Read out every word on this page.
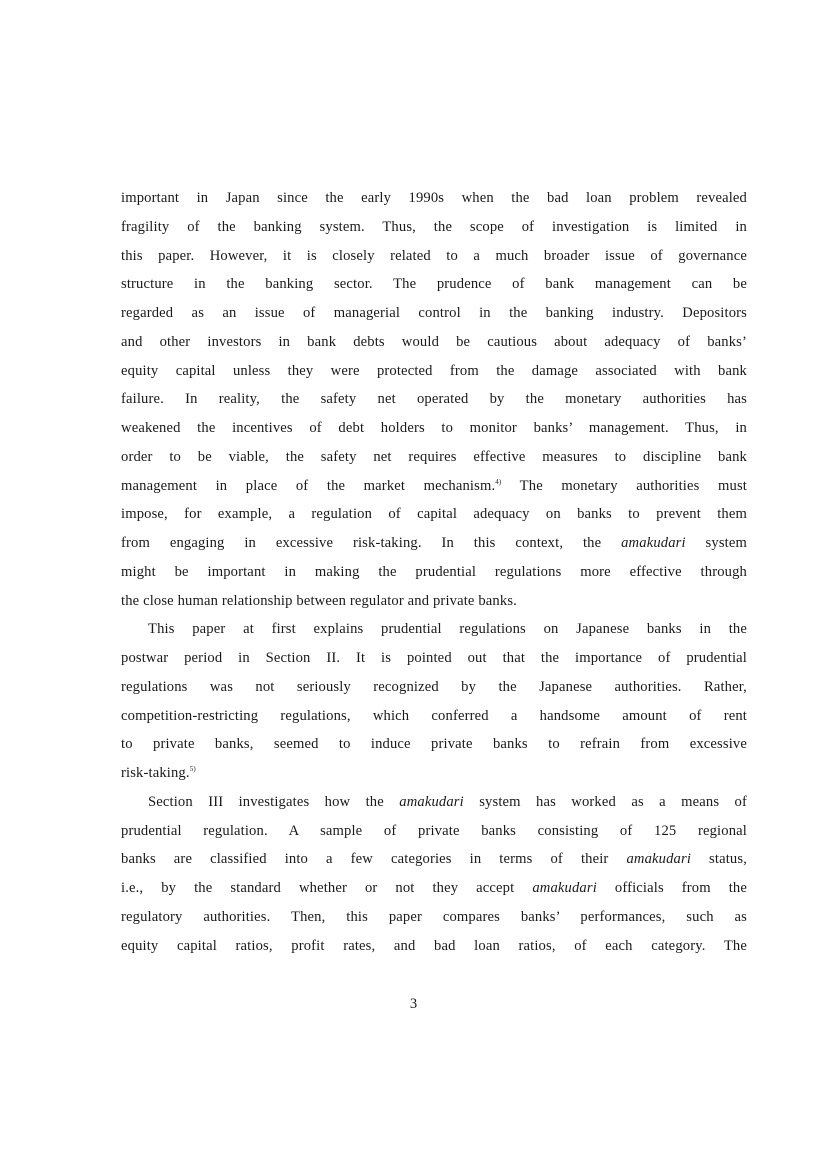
important in Japan since the early 1990s when the bad loan problem revealed
fragility of the banking system. Thus, the scope of investigation is limited in
this paper. However, it is closely related to a much broader issue of governance
structure in the banking sector. The prudence of bank management can be
regarded as an issue of managerial control in the banking industry. Depositors
and other investors in bank debts would be cautious about adequacy of banks’
equity capital unless they were protected from the damage associated with bank
failure. In reality, the safety net operated by the monetary authorities has
weakened the incentives of debt holders to monitor banks’ management. Thus, in
order to be viable, the safety net requires effective measures to discipline bank
management in place of the market mechanism.$^{4)}$ The monetary authorities must
impose, for example, a regulation of capital adequacy on banks to prevent them
from engaging in excessive risk-taking. In this context, the amakudari system
might be important in making the prudential regulations more effective through
the close human relationship between regulator and private banks.
This paper at first explains prudential regulations on Japanese banks in the
postwar period in Section II. It is pointed out that the importance of prudential
regulations was not seriously recognized by the Japanese authorities. Rather,
competition-restricting regulations, which conferred a handsome amount of rent
to private banks, seemed to induce private banks to refrain from excessive
risk-taking.$^{5)}$
Section III investigates how the amakudari system has worked as a means of
prudential regulation. A sample of private banks consisting of 125 regional
banks are classified into a few categories in terms of their amakudari status,
i.e., by the standard whether or not they accept amakudari officials from the
regulatory authorities. Then, this paper compares banks’ performances, such as
equity capital ratios, profit rates, and bad loan ratios, of each category. The
3
